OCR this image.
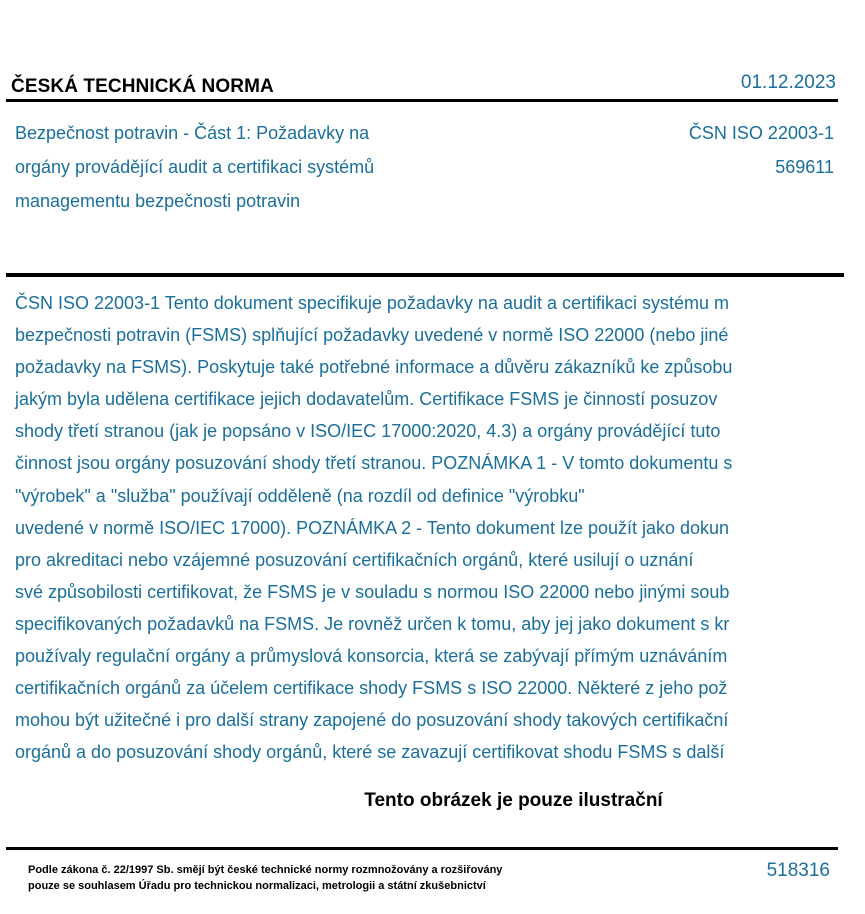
ČESKÁ TECHNICKÁ NORMA	01.12.2023
Bezpečnost potravin - Část 1: Požadavky na
orgány provádějící audit a certifikaci systémů
managementu bezpečnosti potravin
ČSN ISO 22003-1
569611
ČSN ISO 22003-1 Tento dokument specifikuje požadavky na audit a certifikaci systému m
bezpečnosti potravin (FSMS) splňující požadavky uvedené v normě ISO 22000 (nebo jiné
požadavky na FSMS). Poskytuje také potřebné informace a důvěru zákazníků ke způsobu
jakým byla udělena certifikace jejich dodavatelům. Certifikace FSMS je činností posuzov
shody třetí stranou (jak je popsáno v ISO/IEC 17000:2020, 4.3) a orgány provádějící tuto
činnost jsou orgány posuzování shody třetí stranou. POZNÁMKA 1 - V tomto dokumentu s
"výrobek" a "služba" používají odděleně (na rozdíl od definice "výrobku"
uvedené v normě ISO/IEC 17000). POZNÁMKA 2 - Tento dokument lze použít jako dokun
pro akreditaci nebo vzájemné posuzování certifikačních orgánů, které usilují o uznání
své způsobilosti certifikovat, že FSMS je v souladu s normou ISO 22000 nebo jinými soub
specifikovaných požadavků na FSMS. Je rovněž určen k tomu, aby jej jako dokument s kr
používaly regulační orgány a průmyslová konsorcia, která se zabývají přímým uznáváním
certifikačních orgánů za účelem certifikace shody FSMS s ISO 22000. Některé z jeho pož
mohou být užitečné i pro další strany zapojené do posuzování shody takových certifikační
orgánů a do posuzování shody orgánů, které se zavazují certifikovat shodu FSMS s další
Tento obrázek je pouze ilustrační
Podle zákona č. 22/1997 Sb. smějí být české technické normy rozmnožovány a rozšiřovány
pouze se souhlasem Úřadu pro technickou normalizaci, metrologii a státní zkušebnictví
518316
